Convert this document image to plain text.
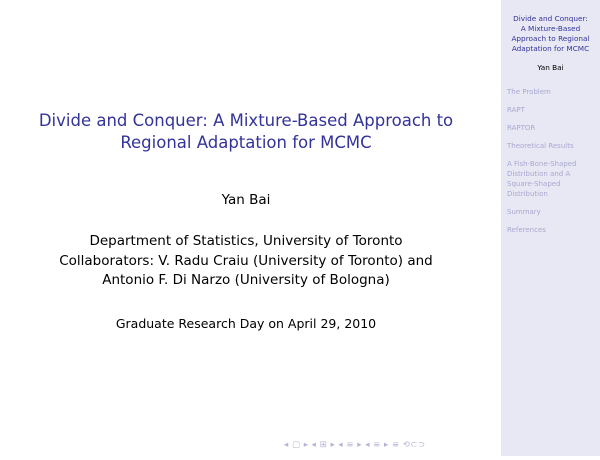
Divide and Conquer: A Mixture-Based Approach to
Regional Adaptation for MCMC
Yan Bai
Department of Statistics, University of Toronto
Collaborators: V. Radu Craiu (University of Toronto) and
Antonio F. Di Narzo (University of Bologna)
Graduate Research Day on April 29, 2010
◂ ▢ ▸ ◂ ⊞ ▸ ◂ ≡ ▸ ◂ ≡ ▸ ≡ ⟲⊂⊃
Divide and Conquer:
A Mixture-Based
Approach to Regional
Adaptation for MCMC
Yan Bai
The Problem
RAPT
RAPTOR
Theoretical Results
A Fish-Bone-Shaped
Distribution and A
Square-Shaped
Distribution
Summary
References
